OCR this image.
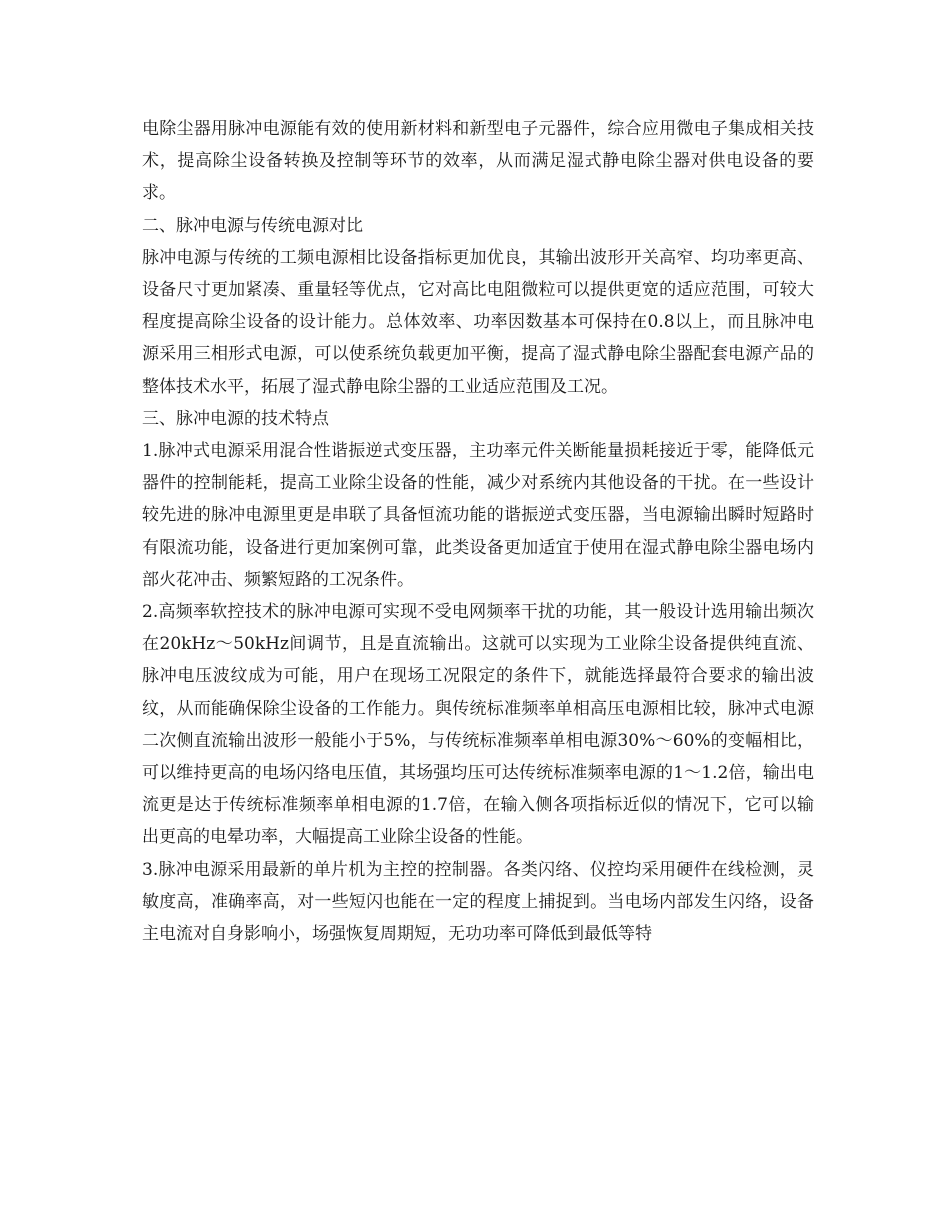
电除尘器用脉冲电源能有效的使用新材料和新型电子元器件，综合应用微电子集成相关技术，提高除尘设备转换及控制等环节的效率，从而满足湿式静电除尘器对供电设备的要求。

二、脉冲电源与传统电源对比

脉冲电源与传统的工频电源相比设备指标更加优良，其输出波形开关高窄、均功率更高、设备尺寸更加紧凑、重量轻等优点，它对高比电阻微粒可以提供更宽的适应范围，可较大程度提高除尘设备的设计能力。总体效率、功率因数基本可保持在0.8以上，而且脉冲电源采用三相形式电源，可以使系统负载更加平衡，提高了湿式静电除尘器配套电源产品的整体技术水平，拓展了湿式静电除尘器的工业适应范围及工况。

三、脉冲电源的技术特点

1.脉冲式电源采用混合性谐振逆式变压器，主功率元件关断能量损耗接近于零，能降低元器件的控制能耗，提高工业除尘设备的性能，减少对系统内其他设备的干扰。在一些设计较先进的脉冲电源里更是串联了具备恒流功能的谐振逆式变压器，当电源输出瞬时短路时有限流功能，设备进行更加案例可靠，此类设备更加适宜于使用在湿式静电除尘器电场内部火花冲击、频繁短路的工况条件。

2.高频率软控技术的脉冲电源可实现不受电网频率干扰的功能，其一般设计选用输出频次在20kHz～50kHz间调节，且是直流输出。这就可以实现为工业除尘设备提供纯直流、脉冲电压波纹成为可能，用户在现场工况限定的条件下，就能选择最符合要求的输出波纹，从而能确保除尘设备的工作能力。與传统标准频率单相高压电源相比较，脉冲式电源二次侧直流输出波形一般能小于5%，与传统标准频率单相电源30%～60%的变幅相比，可以维持更高的电场闪络电压值，其场强均压可达传统标准频率电源的1～1.2倍，输出电流更是达于传统标准频率单相电源的1.7倍，在输入侧各项指标近似的情况下，它可以输出更高的电晕功率，大幅提高工业除尘设备的性能。

3.脉冲电源采用最新的单片机为主控的控制器。各类闪络、仪控均采用硬件在线检测，灵敏度高，准确率高，对一些短闪也能在一定的程度上捕捉到。当电场内部发生闪络，设备主电流对自身影响小，场强恢复周期短，无功功率可降低到最低等特
